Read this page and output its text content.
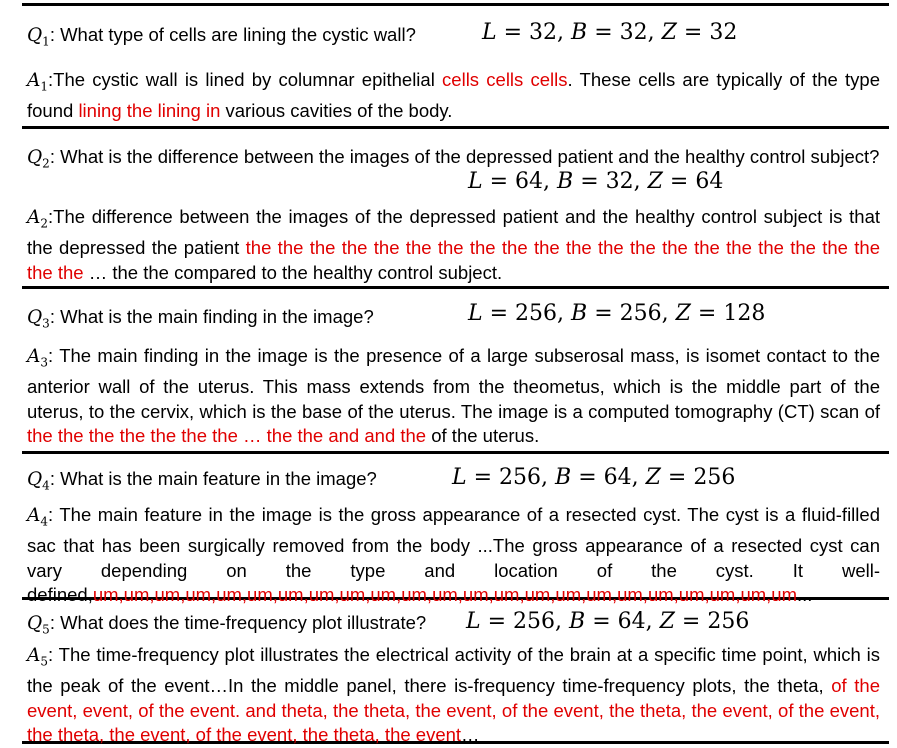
$Q_1$: What type of cells are lining the cystic wall?	L = 32, B = 32, Z = 32
$A_1:The$ cystic wall is lined by columnar epithelial cells cells cells. These cells are typically of the type found lining the lining in various cavities of the body.
$Q_2$: What is the difference between the images of the depressed patient and the healthy control subject?
L = 64, B = 32, Z = 64
$A_2:The$ difference between the images of the depressed patient and the healthy control subject is that the depressed the patient the the the the the the the the the the the the the the the the the the the the the the … the the compared to the healthy control subject.
$Q_3$: What is the main finding in the image?	L = 256, B = 256, Z = 128
$A_3$: The main finding in the image is the presence of a large subserosal mass, is isomet contact to the anterior wall of the uterus. This mass extends from the theometus, which is the middle part of the uterus, to the cervix, which is the base of the uterus. The image is a computed tomography (CT) scan of the the the the the the the … the the and and the of the uterus.
$Q_4$: What is the main feature in the image?	L = 256, B = 64, Z = 256
$A_4$: The main feature in the image is the gross appearance of a resected cyst. The cyst is a fluid-filled sac that has been surgically removed from the body ...The gross appearance of a resected cyst can vary depending on the type and location of the cyst. It well-defined,um,um,um,um,um,um,um,um,um,um,um,um,um,um,um,um,um,um,um,um,um,um,um...
$Q_5$: What does the time-frequency plot illustrate? L = 256, B = 64, Z = 256
$A_5$: The time-frequency plot illustrates the electrical activity of the brain at a specific time point, which is the peak of the event…In the middle panel, there is-frequency time-frequency plots, the theta, of the event, event, of the event. and theta, the theta, the event, of the event, the theta, the event, of the event, the theta, the event, of the event, the theta, the event…
